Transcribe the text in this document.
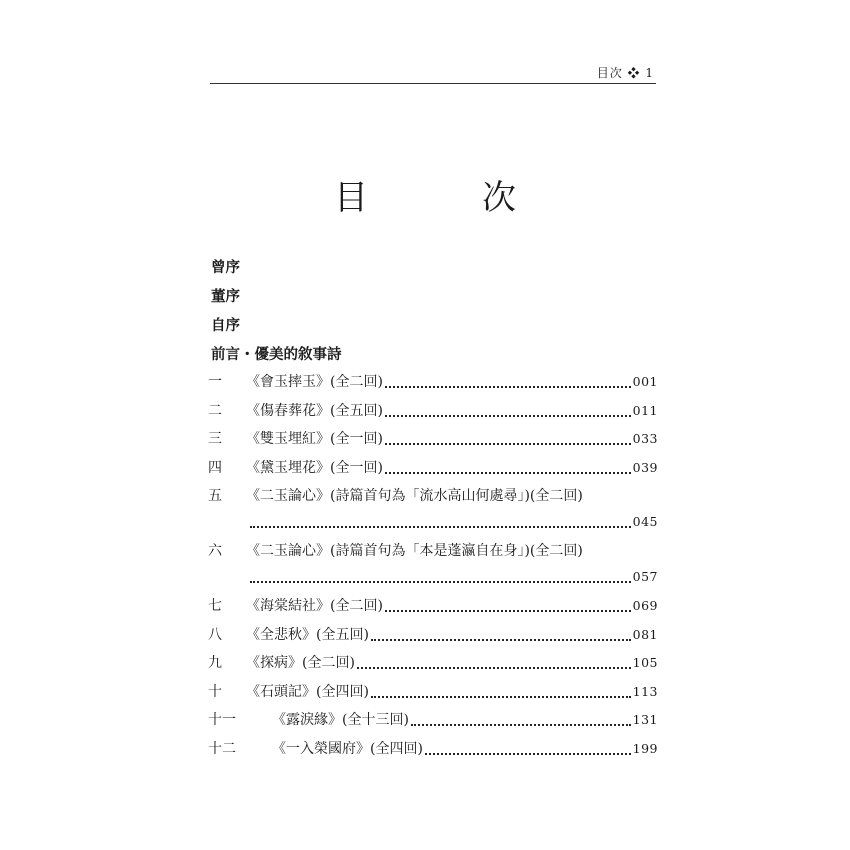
目次 ❖ 1
目　次
曾序
董序
自序
前言・優美的敘事詩
一	《會玉摔玉》(全二回)	001
二	《傷春葬花》(全五回)	011
三	《雙玉埋紅》(全一回)	033
四	《黛玉埋花》(全一回)	039
五	《二玉論心》(詩篇首句為「流水高山何處尋」)(全二回)
045
六	《二玉論心》(詩篇首句為「本是蓬瀛自在身」)(全二回)
057
七	《海棠結社》(全二回)	069
八	《全悲秋》(全五回)	081
九	《探病》(全二回)	105
十	《石頭記》(全四回)	113
十一	《露淚緣》(全十三回)	131
十二	《一入榮國府》(全四回)	199
